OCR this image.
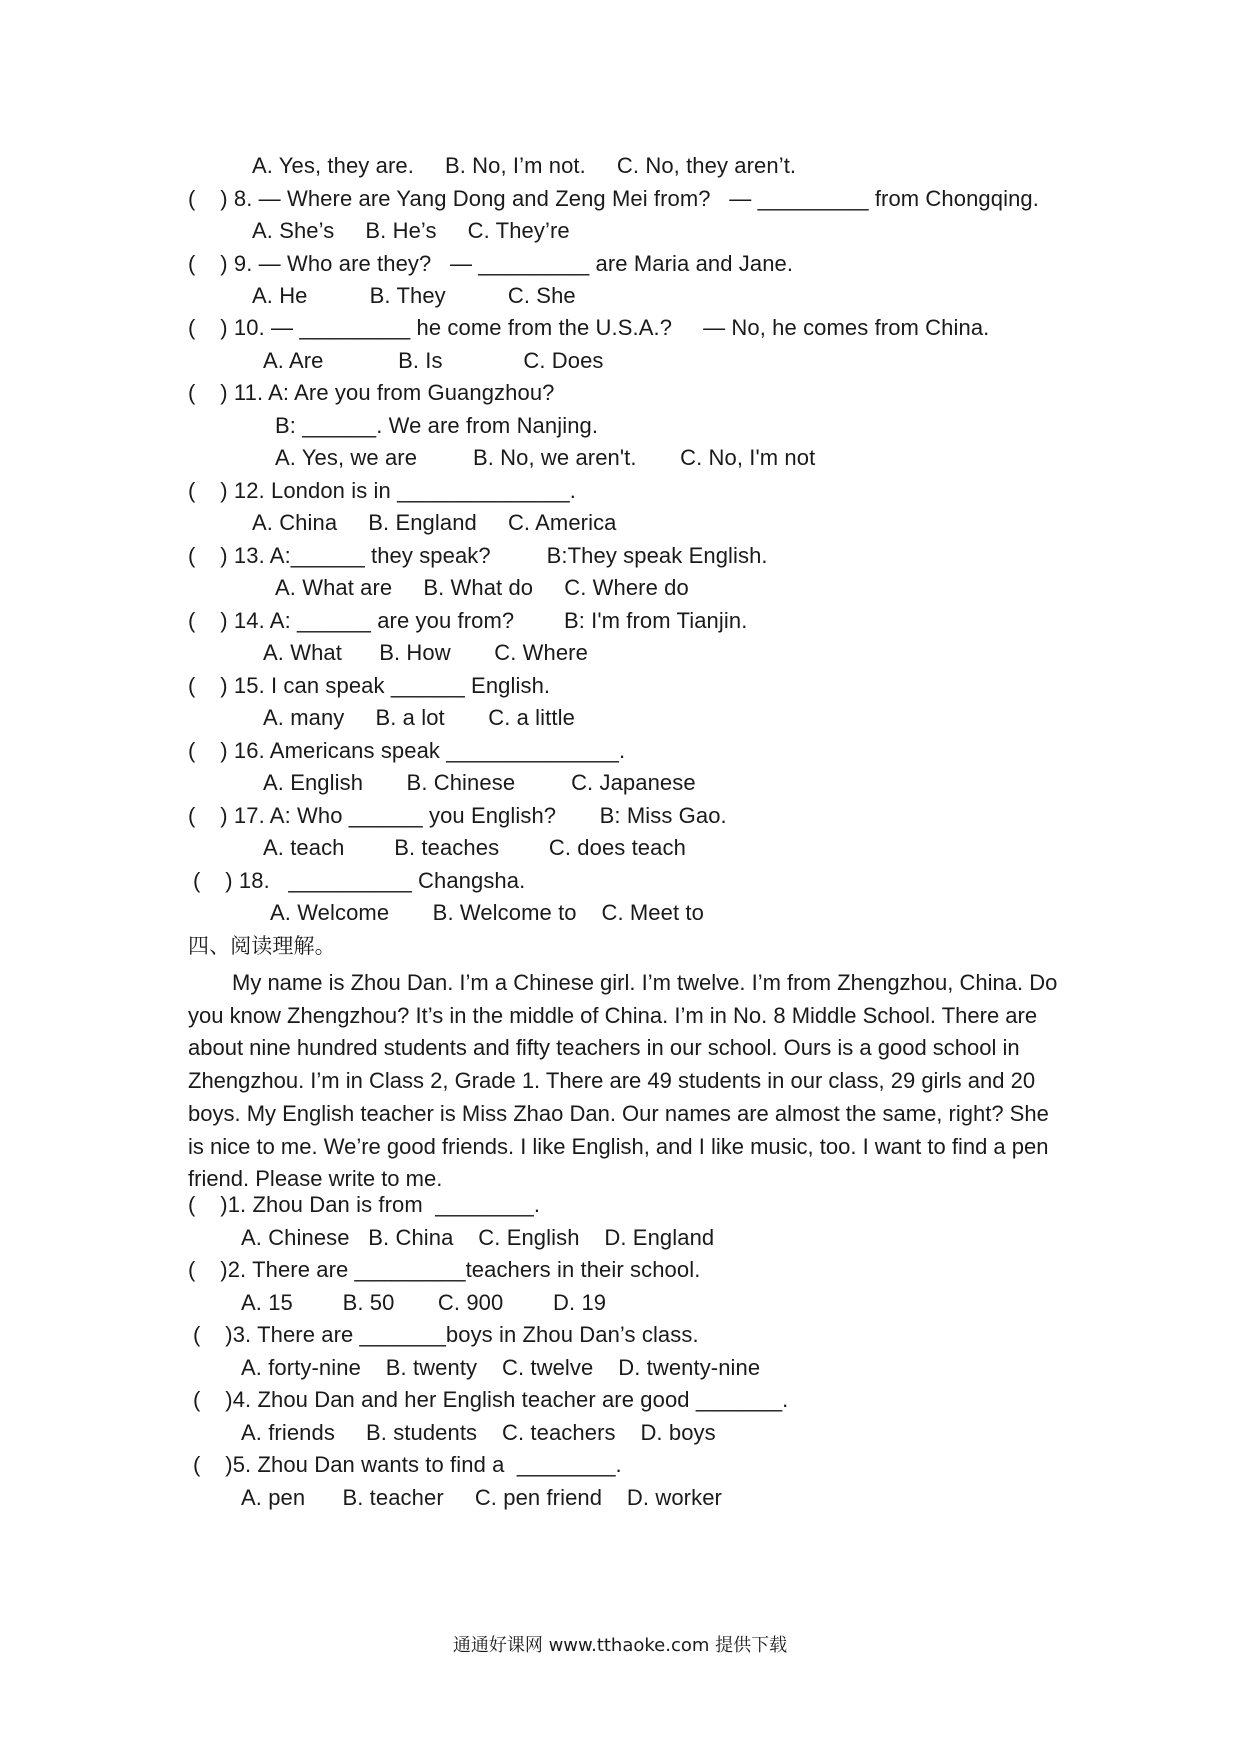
A. Yes, they are.     B. No, I’m not.     C. No, they aren’t.
(    ) 8. — Where are Yang Dong and Zeng Mei from?   — _________ from Chongqing.
A. She’s     B. He’s     C. They’re
(    ) 9. — Who are they?   — _________ are Maria and Jane.
A. He          B. They          C. She
(    ) 10. — _________ he come from the U.S.A.?     — No, he comes from China.
A. Are            B. Is             C. Does
(    ) 11. A: Are you from Guangzhou?
B: ______. We are from Nanjing.
A. Yes, we are         B. No, we aren't.       C. No, I'm not
(    ) 12. London is in ______________.
A. China     B. England     C. America
(    ) 13. A:______ they speak?         B:They speak English.
A. What are     B. What do     C. Where do
(    ) 14. A: ______ are you from?        B: I'm from Tianjin.
A. What      B. How       C. Where
(    ) 15. I can speak ______ English.
A. many     B. a lot       C. a little
(    ) 16. Americans speak ______________.
A. English       B. Chinese         C. Japanese
(    ) 17. A: Who ______ you English?       B: Miss Gao.
A. teach        B. teaches        C. does teach
(    ) 18.   __________ Changsha.
A. Welcome       B. Welcome to    C. Meet to
四、阅读理解。
My name is Zhou Dan. I’m a Chinese girl. I’m twelve. I’m from Zhengzhou, China. Do
you know Zhengzhou? It’s in the middle of China. I’m in No. 8 Middle School. There are
about nine hundred students and fifty teachers in our school. Ours is a good school in
Zhengzhou. I’m in Class 2, Grade 1. There are 49 students in our class, 29 girls and 20
boys. My English teacher is Miss Zhao Dan. Our names are almost the same, right? She
is nice to me. We’re good friends. I like English, and I like music, too. I want to find a pen
friend. Please write to me.
(    )1. Zhou Dan is from  ________.
A. Chinese   B. China    C. English    D. England
(    )2. There are _________teachers in their school.
A. 15        B. 50       C. 900        D. 19
(    )3. There are _______boys in Zhou Dan’s class.
A. forty-nine    B. twenty    C. twelve    D. twenty-nine
(    )4. Zhou Dan and her English teacher are good _______.
A. friends     B. students    C. teachers    D. boys
(    )5. Zhou Dan wants to find a  ________.
A. pen      B. teacher     C. pen friend    D. worker
通通好课网 www.tthaoke.com 提供下载
